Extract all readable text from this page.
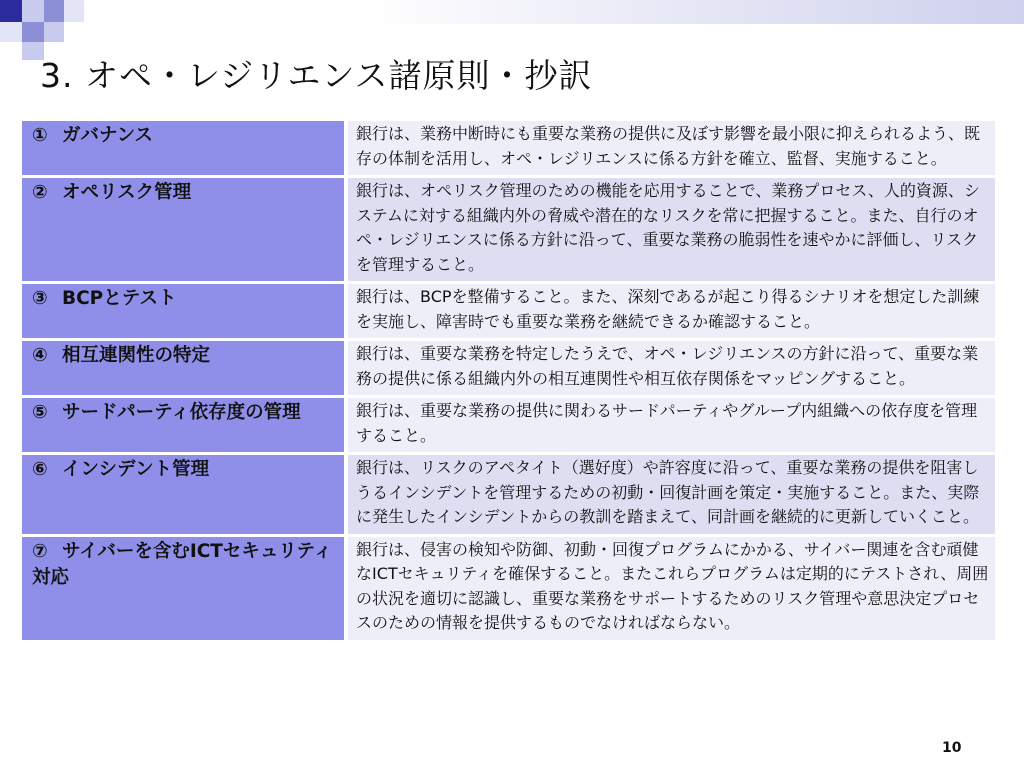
3. オペ・レジリエンス諸原則・抄訳
① ガバナンス	銀行は、業務中断時にも重要な業務の提供に及ぼす影響を最小限に抑えられるよう、既存の体制を活用し、オペ・レジリエンスに係る方針を確立、監督、実施すること。
② オペリスク管理	銀行は、オペリスク管理のための機能を応用することで、業務プロセス、人的資源、システムに対する組織内外の脅威や潜在的なリスクを常に把握すること。また、自行のオペ・レジリエンスに係る方針に沿って、重要な業務の脆弱性を速やかに評価し、リスクを管理すること。
③ BCPとテスト	銀行は、BCPを整備すること。また、深刻であるが起こり得るシナリオを想定した訓練を実施し、障害時でも重要な業務を継続できるか確認すること。
④ 相互連関性の特定	銀行は、重要な業務を特定したうえで、オペ・レジリエンスの方針に沿って、重要な業務の提供に係る組織内外の相互連関性や相互依存関係をマッピングすること。
⑤ サードパーティ依存度の管理	銀行は、重要な業務の提供に関わるサードパーティやグループ内組織への依存度を管理すること。
⑥ インシデント管理	銀行は、リスクのアペタイト（選好度）や許容度に沿って、重要な業務の提供を阻害しうるインシデントを管理するための初動・回復計画を策定・実施すること。また、実際に発生したインシデントからの教訓を踏まえて、同計画を継続的に更新していくこと。
⑦ サイバーを含むICTセキュリティ対応	銀行は、侵害の検知や防御、初動・回復プログラムにかかる、サイバー関連を含む頑健なICTセキュリティを確保すること。またこれらプログラムは定期的にテストされ、周囲の状況を適切に認識し、重要な業務をサポートするためのリスク管理や意思決定プロセスのための情報を提供するものでなければならない。
10
